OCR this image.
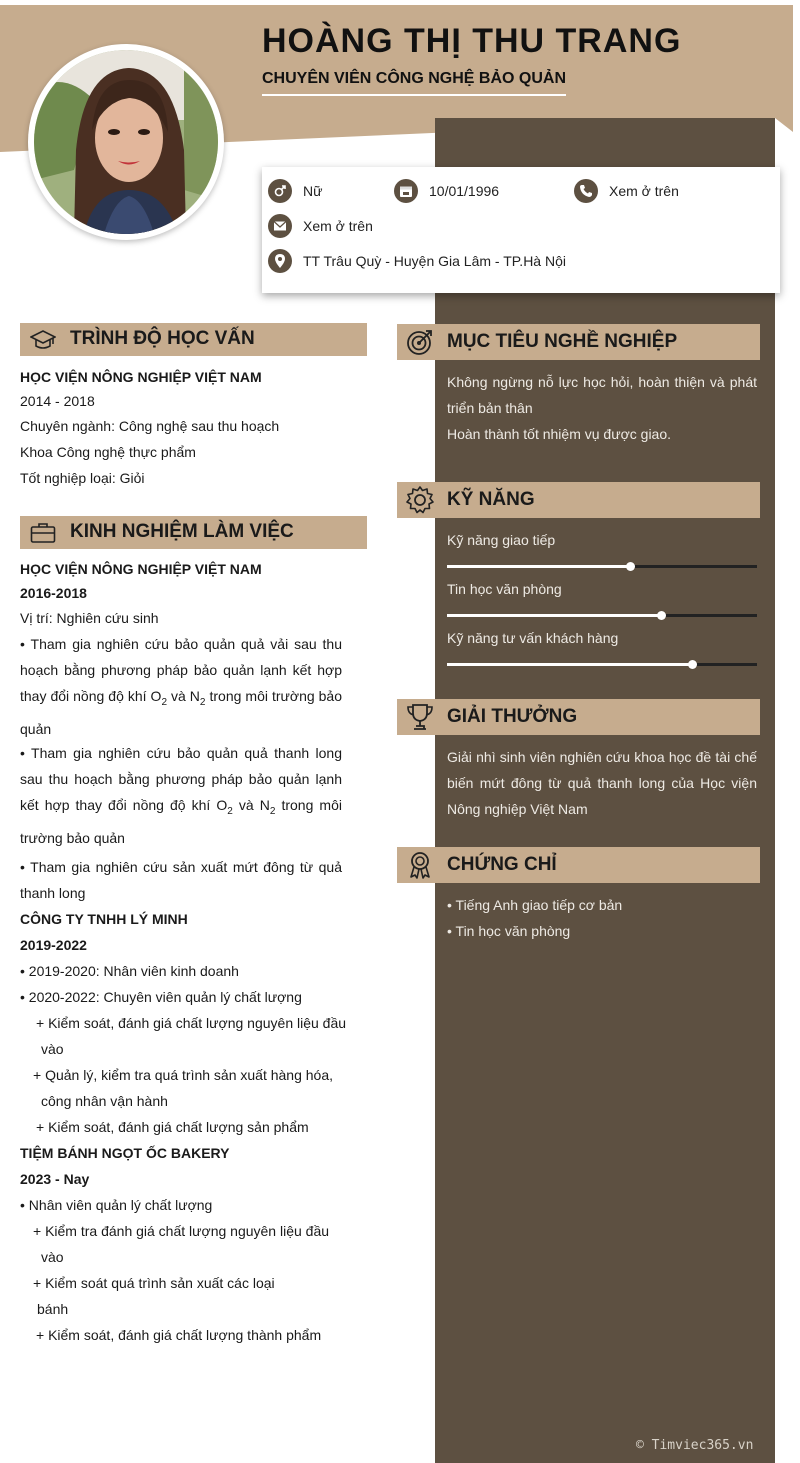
HOÀNG THỊ THU TRANG
CHUYÊN VIÊN CÔNG NGHỆ BẢO QUẢN
Nữ	10/01/1996	Xem ở trên
Xem ở trên
TT Trâu Quỳ - Huyện Gia Lâm - TP.Hà Nội
TRÌNH ĐỘ HỌC VẤN
HỌC VIỆN NÔNG NGHIỆP VIỆT NAM
2014 - 2018
Chuyên ngành: Công nghệ sau thu hoạch
Khoa Công nghệ thực phẩm
Tốt nghiệp loại: Giỏi
KINH NGHIỆM LÀM VIỆC
HỌC VIỆN NÔNG NGHIỆP VIỆT NAM
2016-2018
Vị trí: Nghiên cứu sinh
• Tham gia nghiên cứu bảo quản quả vải sau thu hoạch bằng phương pháp bảo quản lạnh kết hợp thay đổi nồng độ khí $O_2$ và $N_2$ trong môi trường bảo quản
• Tham gia nghiên cứu bảo quản quả thanh long sau thu hoạch bằng phương pháp bảo quản lạnh kết hợp thay đổi nồng độ khí $O_2$ và $N_2$ trong môi trường bảo quản
• Tham gia nghiên cứu sản xuất mứt đông từ quả thanh long
CÔNG TY TNHH LÝ MINH
2019-2022
• 2019-2020: Nhân viên kinh doanh
• 2020-2022: Chuyên viên quản lý chất lượng
+ Kiểm soát, đánh giá chất lượng nguyên liệu đầu
vào
+ Quản lý, kiểm tra quá trình sản xuất hàng hóa,
công nhân vận hành
+ Kiểm soát, đánh giá chất lượng sản phẩm
TIỆM BÁNH NGỌT ỐC BAKERY
2023 - Nay
• Nhân viên quản lý chất lượng
+ Kiểm tra đánh giá chất lượng nguyên liệu đầu
vào
+ Kiểm soát quá trình sản xuất các loại
bánh
+ Kiểm soát, đánh giá chất lượng thành phẩm
MỤC TIÊU NGHỀ NGHIỆP
Không ngừng nỗ lực học hỏi, hoàn thiện và phát triển bản thân
Hoàn thành tốt nhiệm vụ được giao.
KỸ NĂNG
Kỹ năng giao tiếp
Tin học văn phòng
Kỹ năng tư vấn khách hàng
GIẢI THƯỞNG
Giải nhì sinh viên nghiên cứu khoa học đề tài chế biến mứt đông từ quả thanh long của Học viện Nông nghiệp Việt Nam
CHỨNG CHỈ
• Tiếng Anh giao tiếp cơ bản
• Tin học văn phòng
© Timviec365.vn
